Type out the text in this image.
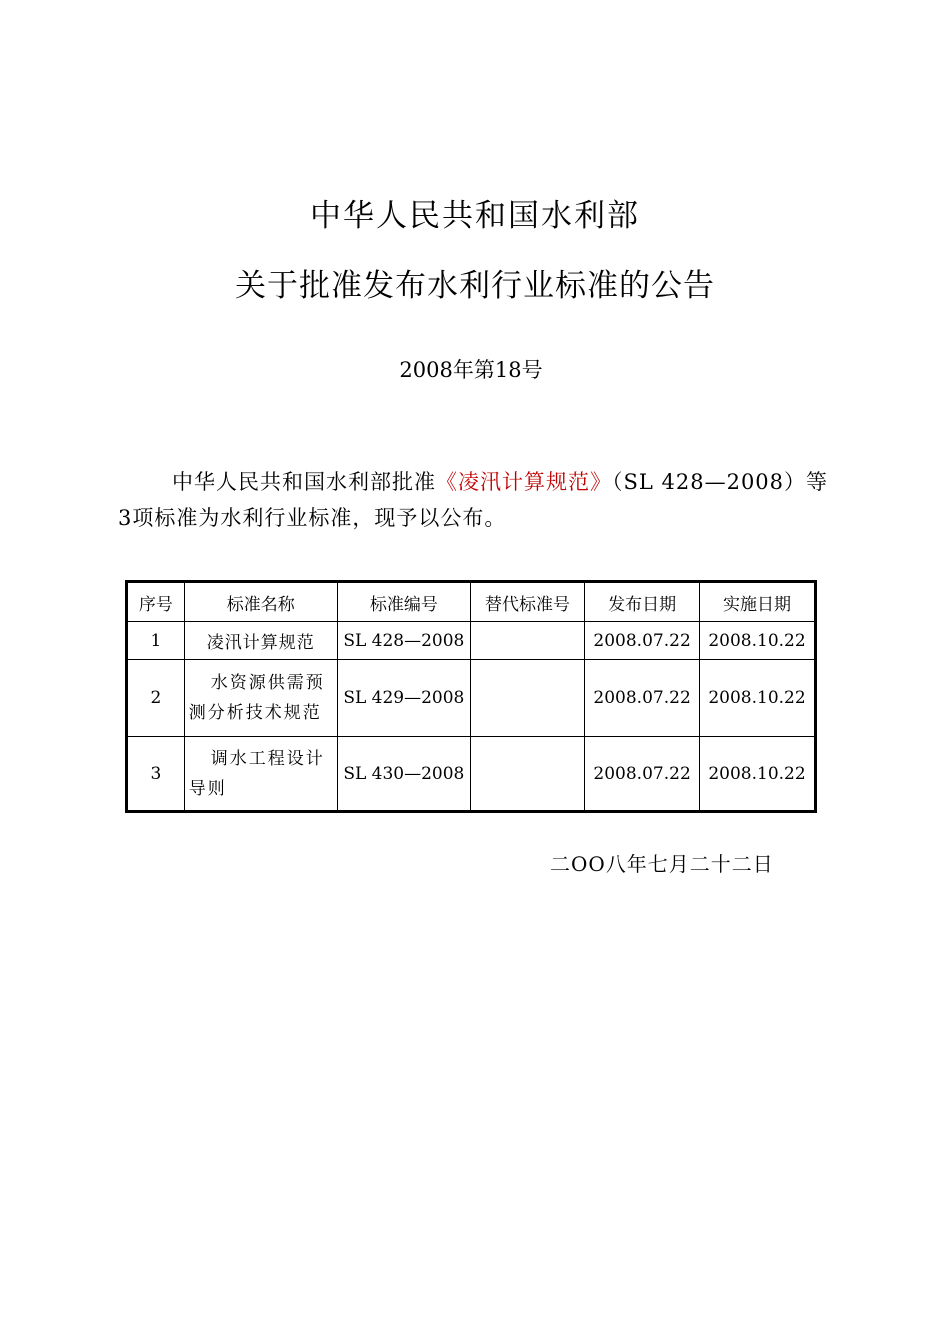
中华人民共和国水利部
关于批准发布水利行业标准的公告
2008年第18号
中华人民共和国水利部批准《凌汛计算规范》（SL 428—2008）等3项标准为水利行业标准，现予以公布。
序号	标准名称	标准编号	替代标准号	发布日期	实施日期
1	凌汛计算规范	SL 428—2008		2008.07.22	2008.10.22
2	水资源供需预测分析技术规范	SL 429—2008		2008.07.22	2008.10.22
3	调水工程设计导则	SL 430—2008		2008.07.22	2008.10.22
二OO八年七月二十二日
